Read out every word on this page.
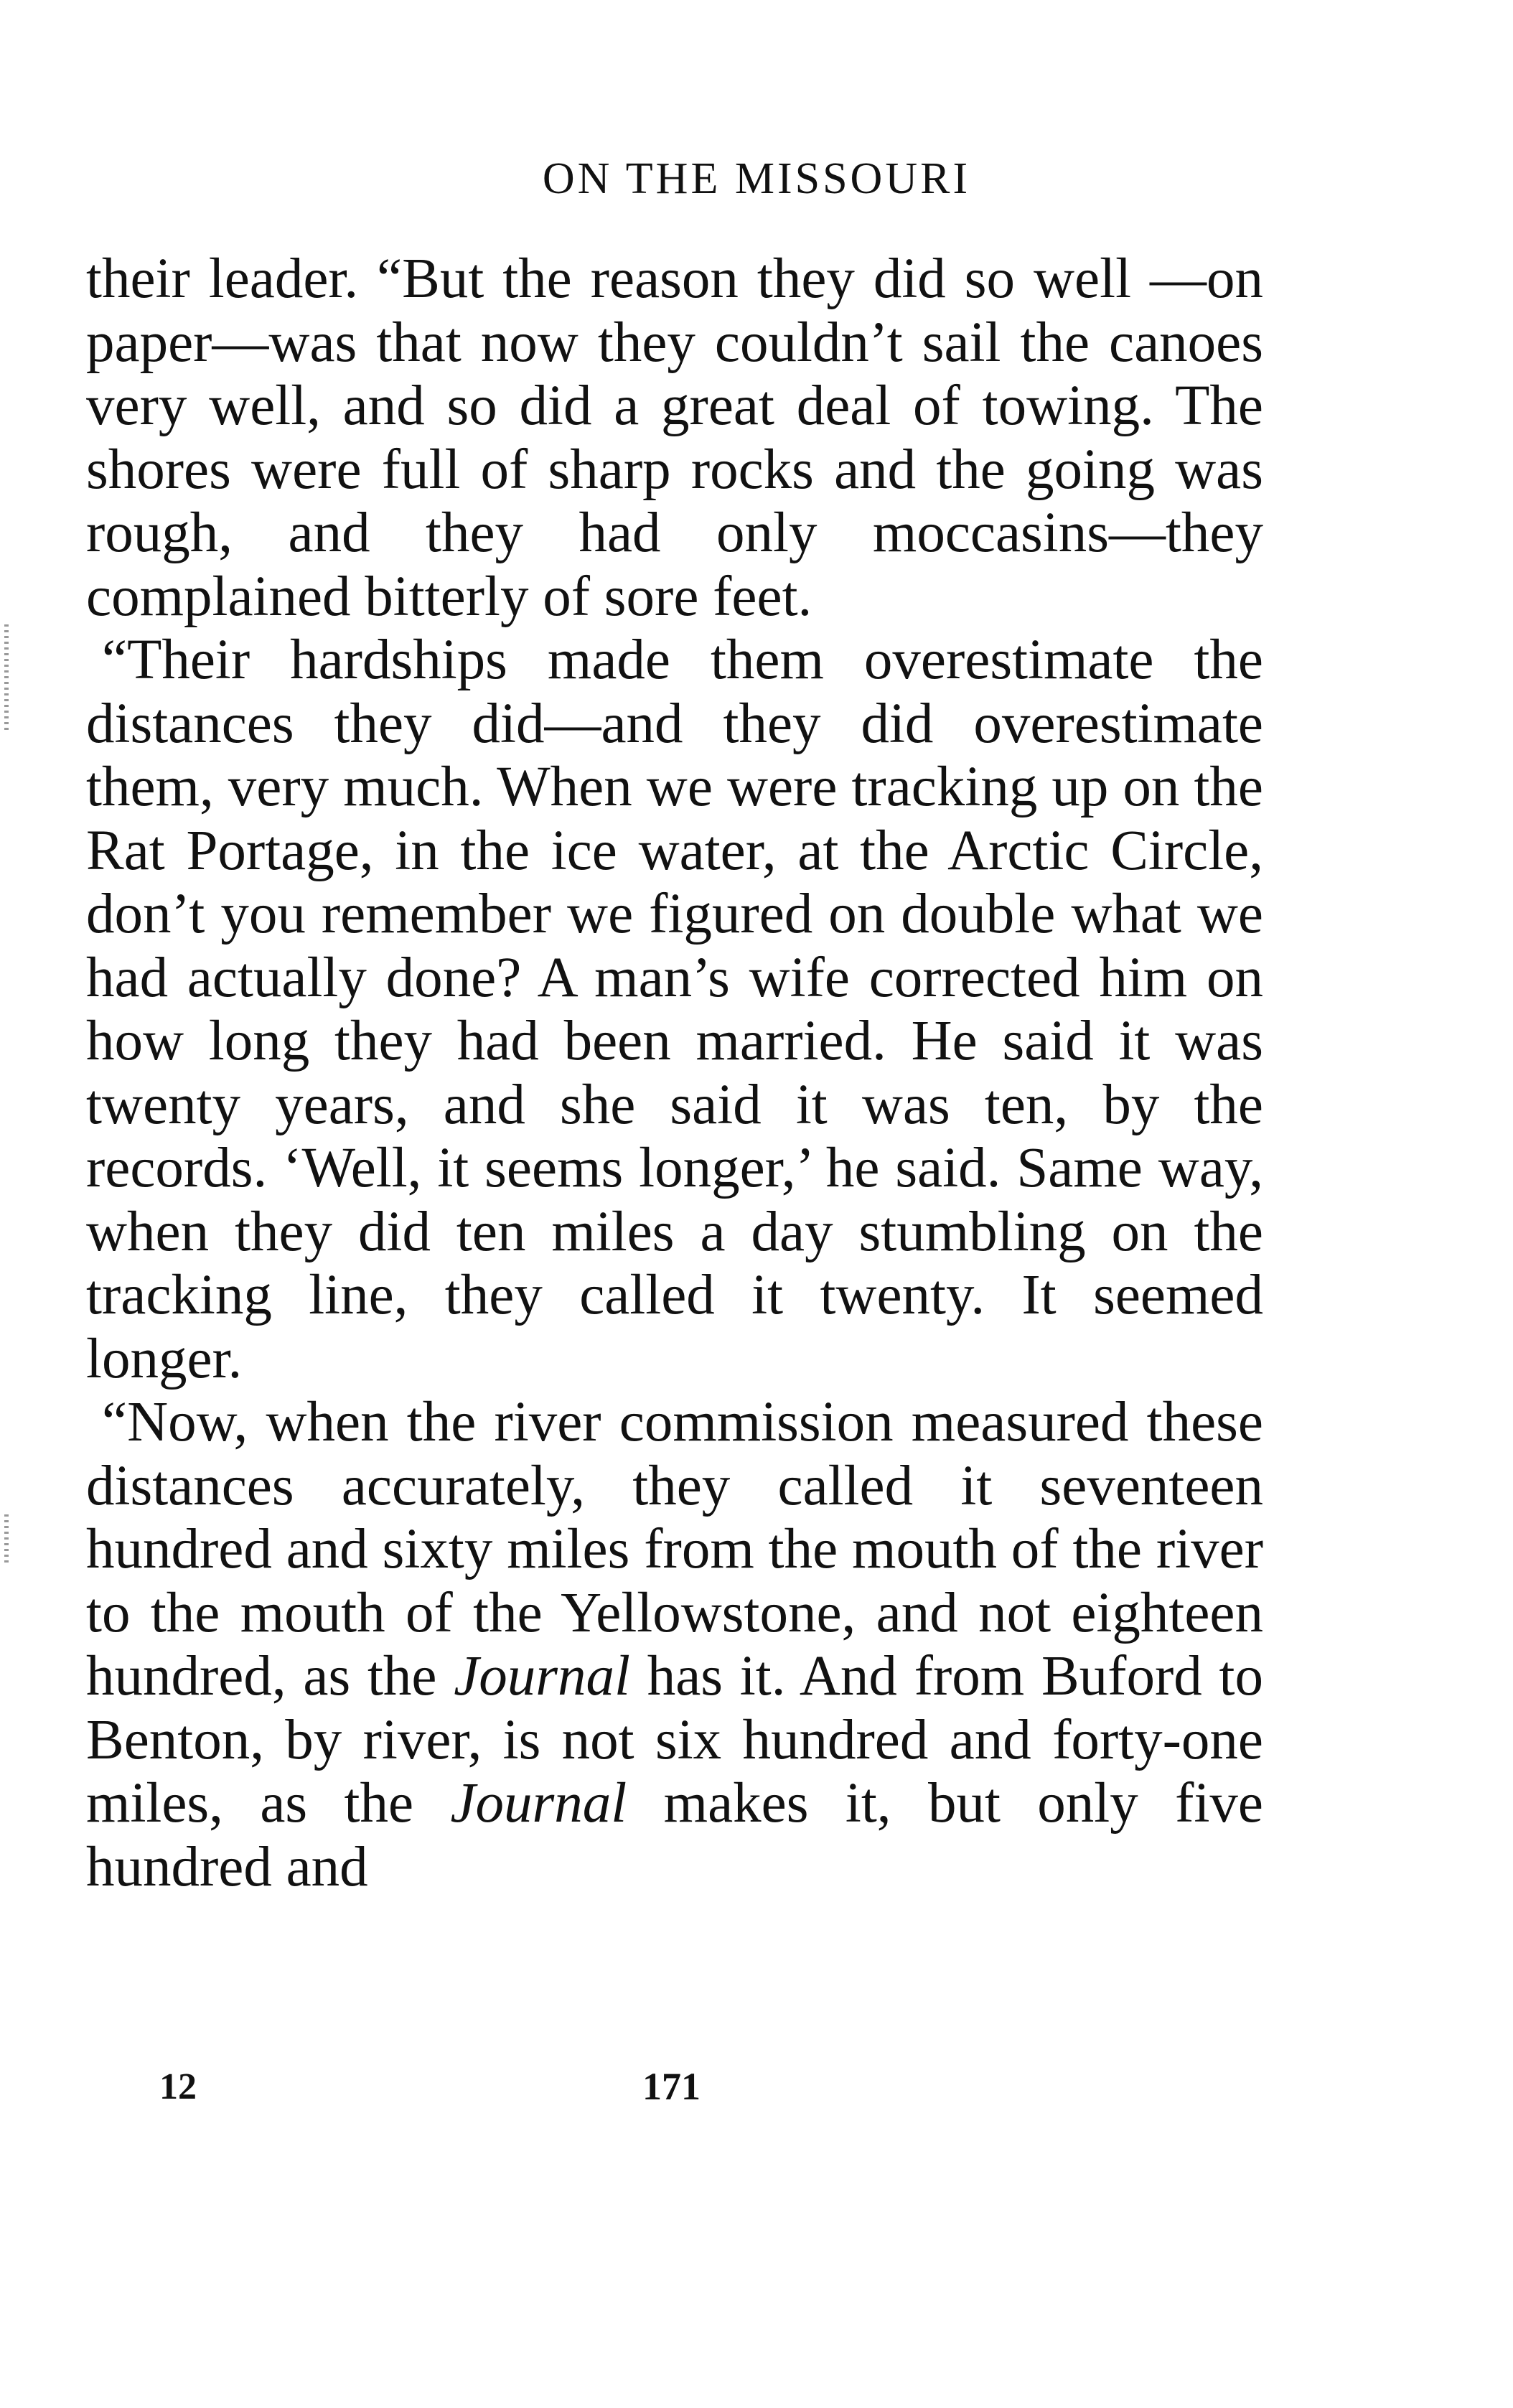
ON THE MISSOURI

their leader. “But the reason they did so well —on paper—was that now they couldn’t sail the canoes very well, and so did a great deal of towing. The shores were full of sharp rocks and the going was rough, and they had only moccasins—they complained bitterly of sore feet.

“Their hardships made them overestimate the distances they did—and they did overestimate them, very much. When we were tracking up on the Rat Portage, in the ice water, at the Arctic Circle, don’t you remember we figured on double what we had actually done? A man’s wife corrected him on how long they had been married. He said it was twenty years, and she said it was ten, by the records. ‘Well, it seems longer,’ he said. Same way, when they did ten miles a day stumbling on the tracking line, they called it twenty. It seemed longer.

“Now, when the river commission measured these distances accurately, they called it seventeen hundred and sixty miles from the mouth of the river to the mouth of the Yellowstone, and not eighteen hundred, as the Journal has it. And from Buford to Benton, by river, is not six hundred and forty-one miles, as the Journal makes it, but only five hundred and

12	171
